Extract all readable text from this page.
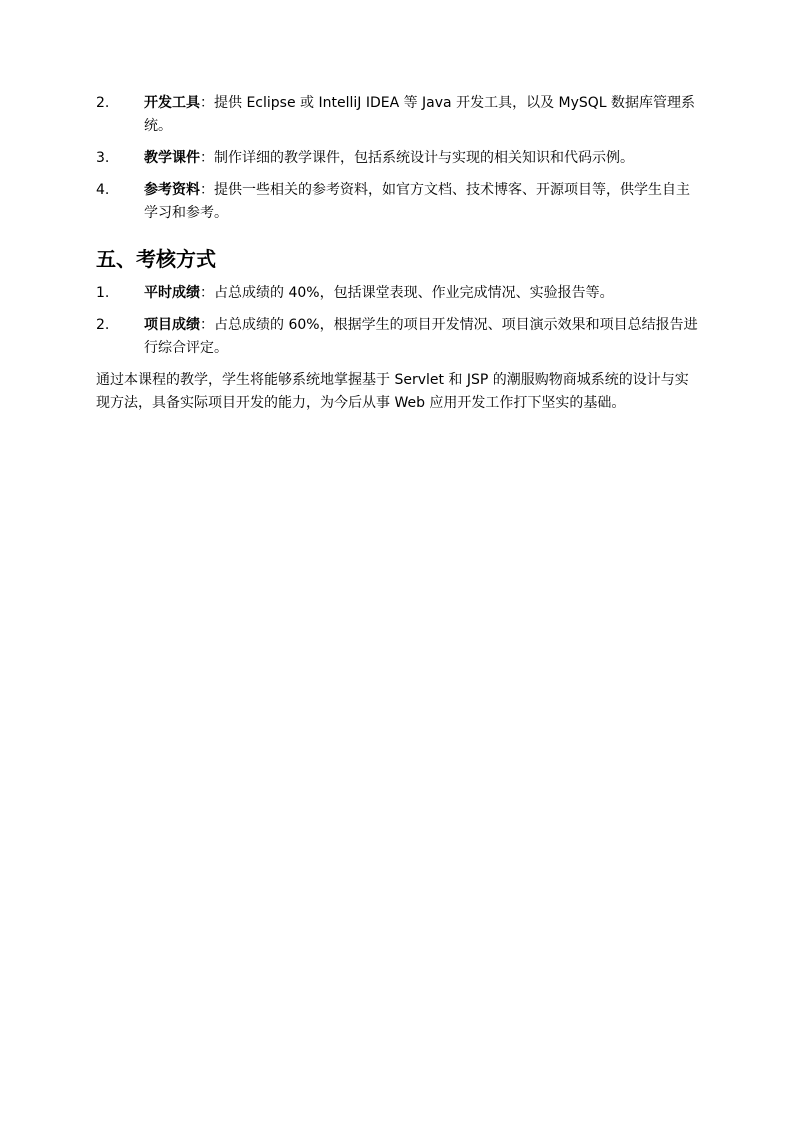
2.	开发工具：提供 Eclipse 或 IntelliJ IDEA 等 Java 开发工具，以及 MySQL 数据库管理系统。
3.	教学课件：制作详细的教学课件，包括系统设计与实现的相关知识和代码示例。
4.	参考资料：提供一些相关的参考资料，如官方文档、技术博客、开源项目等，供学生自主学习和参考。
五、考核方式
1.	平时成绩：占总成绩的 40%，包括课堂表现、作业完成情况、实验报告等。
2.	项目成绩：占总成绩的 60%，根据学生的项目开发情况、项目演示效果和项目总结报告进行综合评定。

通过本课程的教学，学生将能够系统地掌握基于 Servlet 和 JSP 的潮服购物商城系统的设计与实现方法，具备实际项目开发的能力，为今后从事 Web 应用开发工作打下坚实的基础。
